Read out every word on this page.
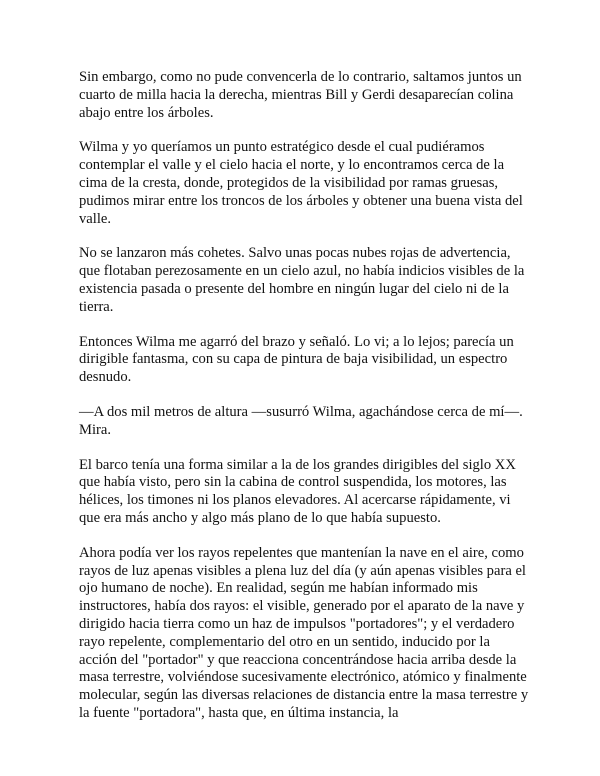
Sin embargo, como no pude convencerla de lo contrario, saltamos juntos un cuarto de milla hacia la derecha, mientras Bill y Gerdi desaparecían colina abajo entre los árboles.

Wilma y yo queríamos un punto estratégico desde el cual pudiéramos contemplar el valle y el cielo hacia el norte, y lo encontramos cerca de la cima de la cresta, donde, protegidos de la visibilidad por ramas gruesas, pudimos mirar entre los troncos de los árboles y obtener una buena vista del valle.

No se lanzaron más cohetes. Salvo unas pocas nubes rojas de advertencia, que flotaban perezosamente en un cielo azul, no había indicios visibles de la existencia pasada o presente del hombre en ningún lugar del cielo ni de la tierra.

Entonces Wilma me agarró del brazo y señaló. Lo vi; a lo lejos; parecía un dirigible fantasma, con su capa de pintura de baja visibilidad, un espectro desnudo.

—A dos mil metros de altura —susurró Wilma, agachándose cerca de mí—. Mira.

El barco tenía una forma similar a la de los grandes dirigibles del siglo XX que había visto, pero sin la cabina de control suspendida, los motores, las hélices, los timones ni los planos elevadores. Al acercarse rápidamente, vi que era más ancho y algo más plano de lo que había supuesto.

Ahora podía ver los rayos repelentes que mantenían la nave en el aire, como rayos de luz apenas visibles a plena luz del día (y aún apenas visibles para el ojo humano de noche). En realidad, según me habían informado mis instructores, había dos rayos: el visible, generado por el aparato de la nave y dirigido hacia tierra como un haz de impulsos "portadores"; y el verdadero rayo repelente, complementario del otro en un sentido, inducido por la acción del "portador" y que reacciona concentrándose hacia arriba desde la masa terrestre, volviéndose sucesivamente electrónico, atómico y finalmente molecular, según las diversas relaciones de distancia entre la masa terrestre y la fuente "portadora", hasta que, en última instancia, la
